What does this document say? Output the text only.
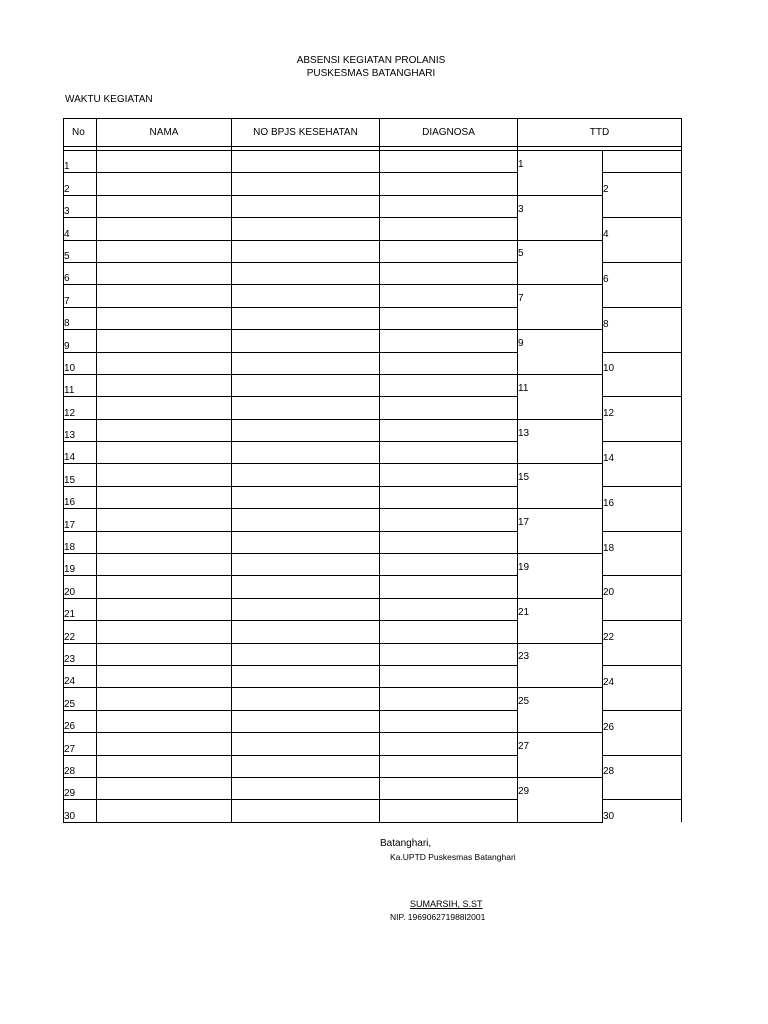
ABSENSI KEGIATAN PROLANIS
PUSKESMAS BATANGHARI
WAKTU KEGIATAN
No	NAMA	NO BPJS KESEHATAN	DIAGNOSA	TTD	

1				1	

2					2

3				3	

4					4

5				5	

6					6

7				7	

8					8

9				9	

10					10

11				11	

12					12

13				13	

14					14

15				15	

16					16

17				17	

18					18

19				19	

20					20

21				21	

22					22

23				23	

24					24

25				25	

26					26

27				27	

28					28

29				29	

30					30
Batanghari,
Ka.UPTD Puskesmas Batanghari
SUMARSIH, S.ST
NIP. 196906271988l2001
